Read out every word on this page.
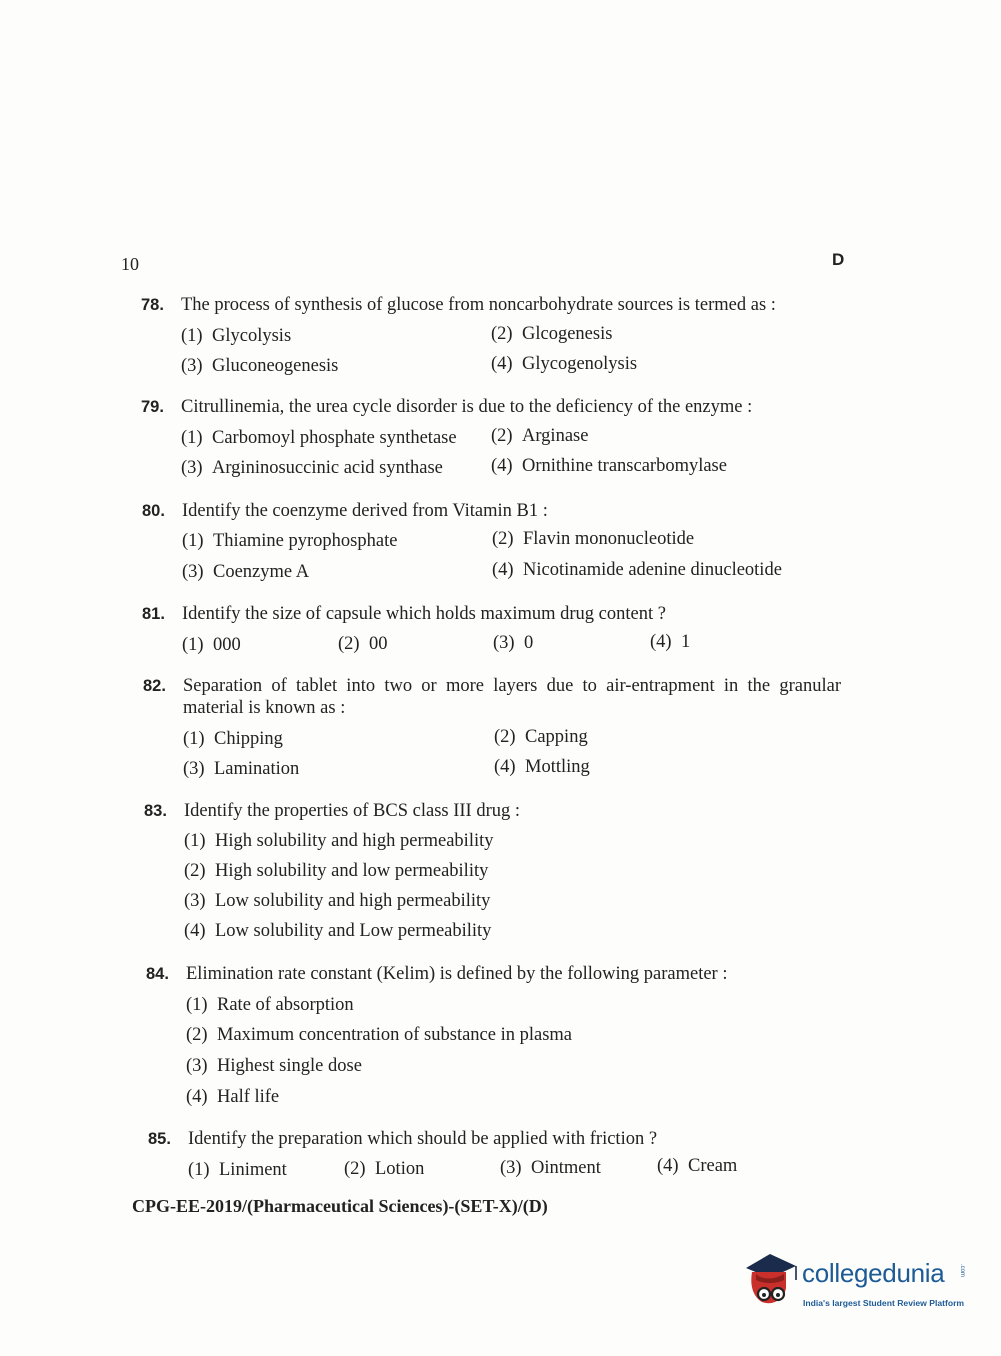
10	D
78. The process of synthesis of glucose from noncarbohydrate sources is termed as :
(1) Glycolysis	(2) Glcogenesis
(3) Gluconeogenesis	(4) Glycogenolysis
79. Citrullinemia, the urea cycle disorder is due to the deficiency of the enzyme :
(1) Carbomoyl phosphate synthetase (2) Arginase
(3) Argininosuccinic acid synthase	(4) Ornithine transcarbomylase
80. Identify the coenzyme derived from Vitamin B1 :
(1) Thiamine pyrophosphate	(2) Flavin mononucleotide
(3) Coenzyme A	(4) Nicotinamide adenine dinucleotide
81. Identify the size of capsule which holds maximum drug content ?
(1) 000	(2) 00	(3) 0	(4) 1
82. Separation of tablet into two or more layers due to air-entrapment in the granular material is known as :
(1) Chipping	(2) Capping
(3) Lamination	(4) Mottling
83. Identify the properties of BCS class III drug :
(1) High solubility and high permeability
(2) High solubility and low permeability
(3) Low solubility and high permeability
(4) Low solubility and Low permeability
84. Elimination rate constant (Kelim) is defined by the following parameter :
(1) Rate of absorption
(2) Maximum concentration of substance in plasma
(3) Highest single dose
(4) Half life
85. Identify the preparation which should be applied with friction ?
(1) Liniment	(2) Lotion	(3) Ointment	(4) Cream
CPG-EE-2019/(Pharmaceutical Sciences)-(SET-X)/(D)
collegedunia .com
India's largest Student Review Platform
